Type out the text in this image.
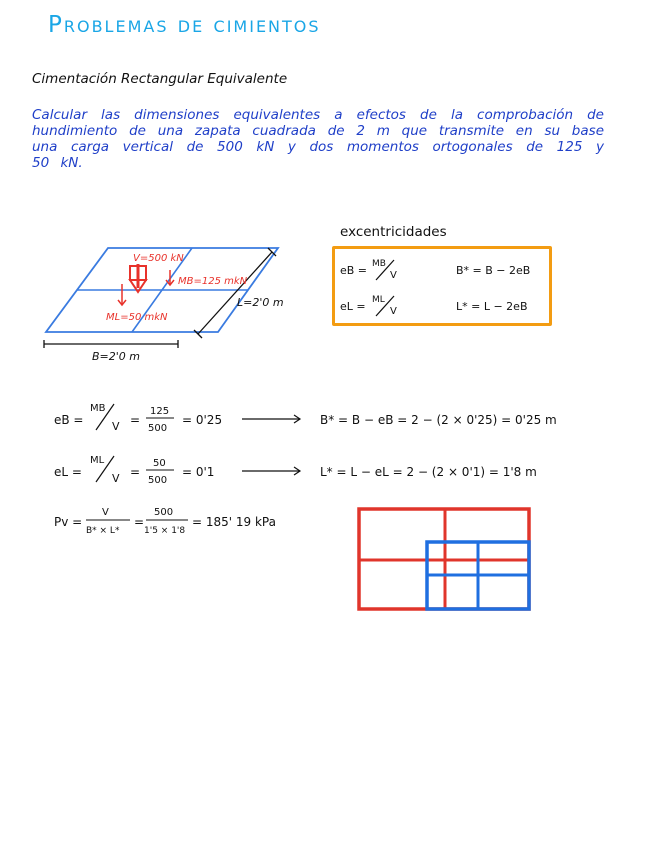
Problemas de cimientos
Cimentación Rectangular Equivalente
Calcular las dimensiones equivalentes a efectos de la comprobación de hundimiento de una zapata cuadrada de 2 m que transmite en su base una carga vertical de 500 kN y dos momentos ortogonales de 125 y 50 kN.
L=2'0 m
B=2'0 m
V=500 kN
MB=125 mkN
ML=50 mkN
excentricidades
eB = MB
V	B* = B − 2eB
eL = ML
V	L* = L − 2eB
eB =
MB
V =
125
500
= 0'25	B* = B − eB = 2 − (2 × 0'25) = 0'25 m
eL =
ML
V =
50
500
= 0'1	L* = L − eL = 2 − (2 × 0'1) = 1'8 m
Pv =
V
B* × L*
=
500
1'5 × 1'8
= 185' 19 kPa
